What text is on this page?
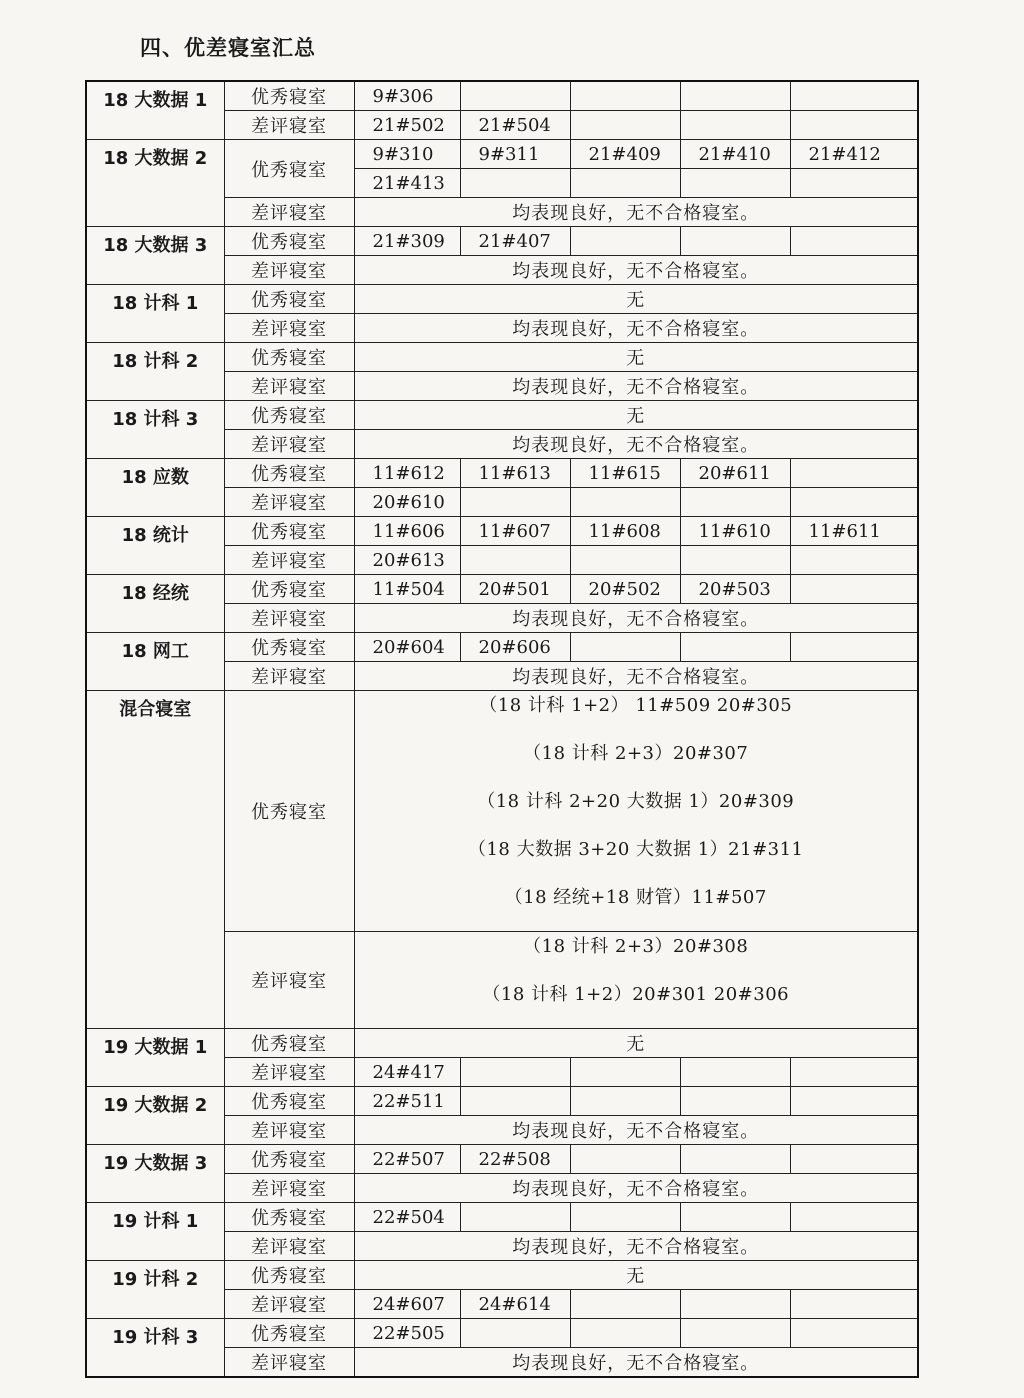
四、优差寝室汇总
18 大数据 1	优秀寝室	9#306				
	差评寝室	21#502	21#504			
18 大数据 2	优秀寝室	9#310	9#311	21#409	21#410	21#412
		21#413				
	差评寝室	均表现良好，无不合格寝室。				
18 大数据 3	优秀寝室	21#309	21#407			
	差评寝室	均表现良好，无不合格寝室。				
18 计科 1	优秀寝室	无				
	差评寝室	均表现良好，无不合格寝室。				
18 计科 2	优秀寝室	无				
	差评寝室	均表现良好，无不合格寝室。				
18 计科 3	优秀寝室	无				
	差评寝室	均表现良好，无不合格寝室。				
18 应数	优秀寝室	11#612	11#613	11#615	20#611	
	差评寝室	20#610				
18 统计	优秀寝室	11#606	11#607	11#608	11#610	11#611
	差评寝室	20#613				
18 经统	优秀寝室	11#504	20#501	20#502	20#503	
	差评寝室	均表现良好，无不合格寝室。				
18 网工	优秀寝室	20#604	20#606			
	差评寝室	均表现良好，无不合格寝室。				
混合寝室	优秀寝室	（18 计科 1+2） 11#509 20#305
（18 计科 2+3）20#307
（18 计科 2+20 大数据 1）20#309
（18 大数据 3+20 大数据 1）21#311
（18 经统+18 财管）11#507				

	差评寝室	（18 计科 2+3）20#308
（18 计科 1+2）20#301 20#306				

19 大数据 1	优秀寝室	无				
	差评寝室	24#417				
19 大数据 2	优秀寝室	22#511				
	差评寝室	均表现良好，无不合格寝室。				
19 大数据 3	优秀寝室	22#507	22#508			
	差评寝室	均表现良好，无不合格寝室。				
19 计科 1	优秀寝室	22#504				
	差评寝室	均表现良好，无不合格寝室。				
19 计科 2	优秀寝室	无				
	差评寝室	24#607	24#614			
19 计科 3	优秀寝室	22#505				
	差评寝室	均表现良好，无不合格寝室。				
